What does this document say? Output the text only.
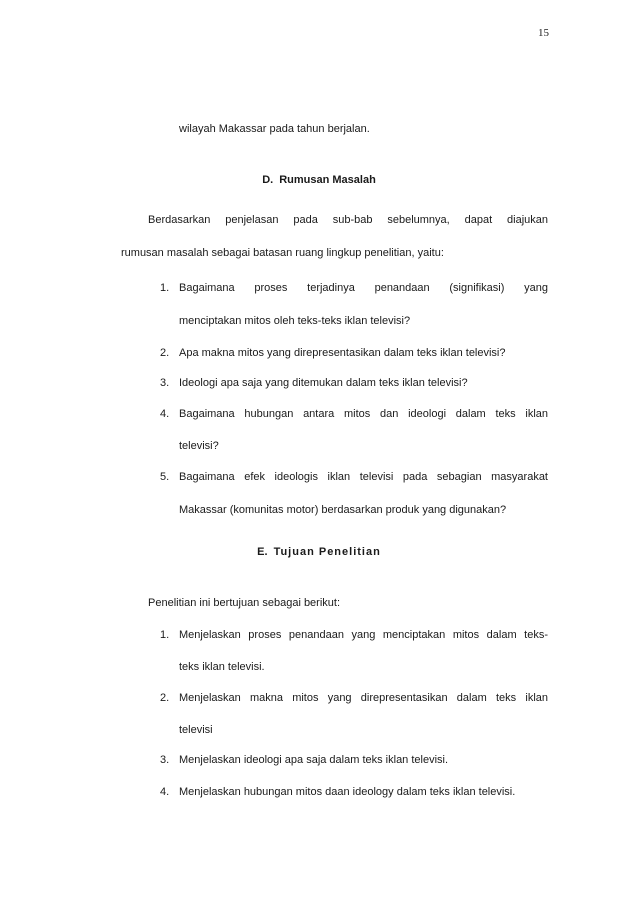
15
wilayah Makassar pada tahun berjalan.
D. Rumusan Masalah
Berdasarkan penjelasan pada sub-bab sebelumnya, dapat diajukan
rumusan masalah sebagai batasan ruang lingkup penelitian, yaitu:
1. Bagaimana proses terjadinya penandaan (signifikasi) yang
menciptakan mitos oleh teks-teks iklan televisi?
2. Apa makna mitos yang direpresentasikan dalam teks iklan televisi?
3. Ideologi apa saja yang ditemukan dalam teks iklan televisi?
4. Bagaimana hubungan antara mitos dan ideologi dalam teks iklan
televisi?
5. Bagaimana efek ideologis iklan televisi pada sebagian masyarakat
Makassar (komunitas motor) berdasarkan produk yang digunakan?
E. Tujuan Penelitian
Penelitian ini bertujuan sebagai berikut:
1. Menjelaskan proses penandaan yang menciptakan mitos dalam teks-
teks iklan televisi.
2. Menjelaskan makna mitos yang direpresentasikan dalam teks iklan
televisi
3. Menjelaskan ideologi apa saja dalam teks iklan televisi.
4. Menjelaskan hubungan mitos daan ideology dalam teks iklan televisi.
